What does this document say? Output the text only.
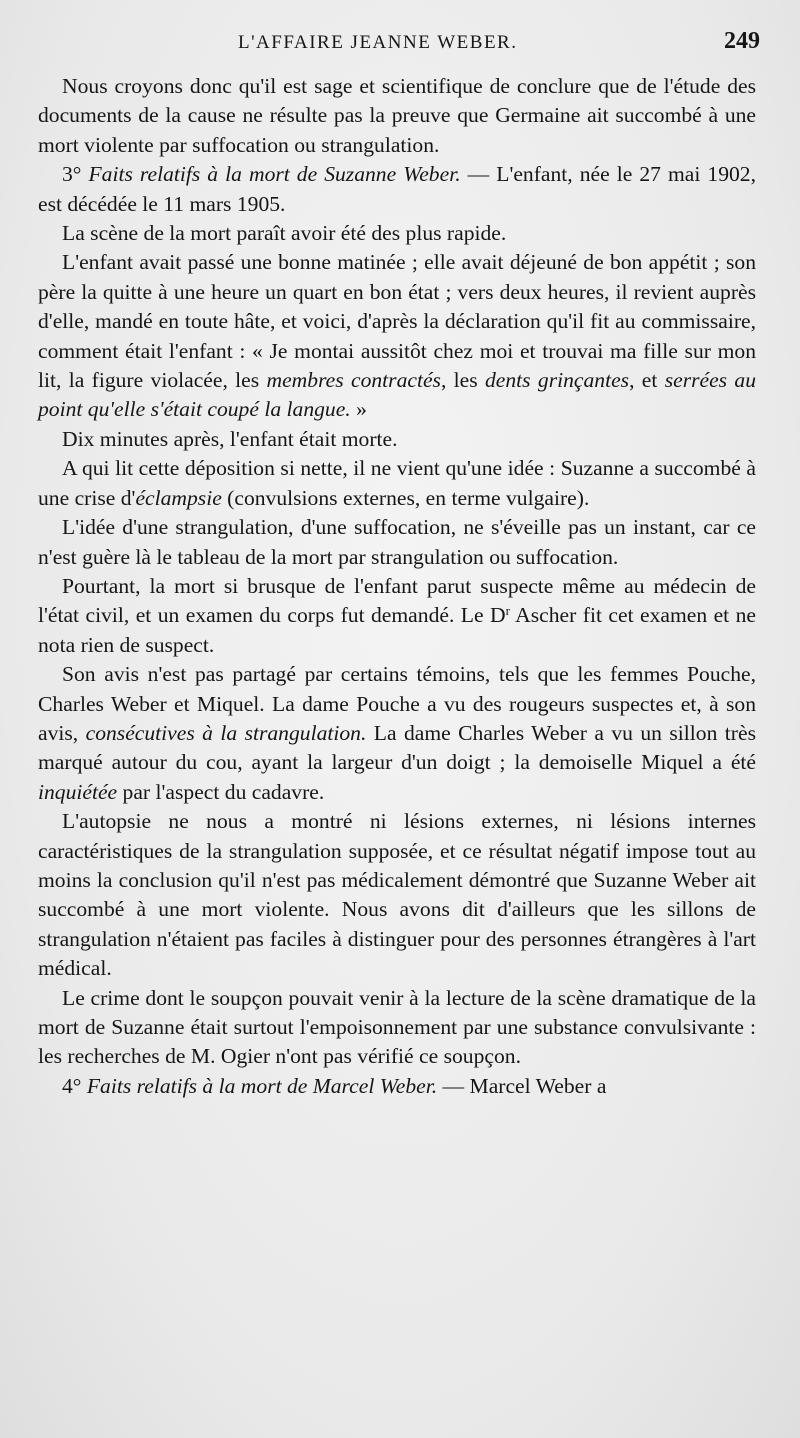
L'AFFAIRE JEANNE WEBER.	249

Nous croyons donc qu'il est sage et scientifique de conclure que de l'étude des documents de la cause ne résulte pas la preuve que Germaine ait succombé à une mort violente par suffocation ou strangulation.

3° Faits relatifs à la mort de Suzanne Weber. — L'enfant, née le 27 mai 1902, est décédée le 11 mars 1905.

La scène de la mort paraît avoir été des plus rapide.

L'enfant avait passé une bonne matinée ; elle avait déjeuné de bon appétit ; son père la quitte à une heure un quart en bon état ; vers deux heures, il revient auprès d'elle, mandé en toute hâte, et voici, d'après la déclaration qu'il fit au commissaire, comment était l'enfant : « Je montai aussitôt chez moi et trouvai ma fille sur mon lit, la figure violacée, les membres contractés, les dents grinçantes, et serrées au point qu'elle s'était coupé la langue. »

Dix minutes après, l'enfant était morte.

A qui lit cette déposition si nette, il ne vient qu'une idée : Suzanne a succombé à une crise d'éclampsie (convulsions externes, en terme vulgaire).

L'idée d'une strangulation, d'une suffocation, ne s'éveille pas un instant, car ce n'est guère là le tableau de la mort par strangulation ou suffocation.

Pourtant, la mort si brusque de l'enfant parut suspecte même au médecin de l'état civil, et un examen du corps fut demandé. Le $D^r$ Ascher fit cet examen et ne nota rien de suspect.

Son avis n'est pas partagé par certains témoins, tels que les femmes Pouche, Charles Weber et Miquel. La dame Pouche a vu des rougeurs suspectes et, à son avis, consécutives à la strangulation. La dame Charles Weber a vu un sillon très marqué autour du cou, ayant la largeur d'un doigt ; la demoiselle Miquel a été inquiétée par l'aspect du cadavre.

L'autopsie ne nous a montré ni lésions externes, ni lésions internes caractéristiques de la strangulation supposée, et ce résultat négatif impose tout au moins la conclusion qu'il n'est pas médicalement démontré que Suzanne Weber ait succombé à une mort violente. Nous avons dit d'ailleurs que les sillons de strangulation n'étaient pas faciles à distinguer pour des personnes étrangères à l'art médical.

Le crime dont le soupçon pouvait venir à la lecture de la scène dramatique de la mort de Suzanne était surtout l'empoisonnement par une substance convulsivante : les recherches de M. Ogier n'ont pas vérifié ce soupçon.

4° Faits relatifs à la mort de Marcel Weber. — Marcel Weber a
